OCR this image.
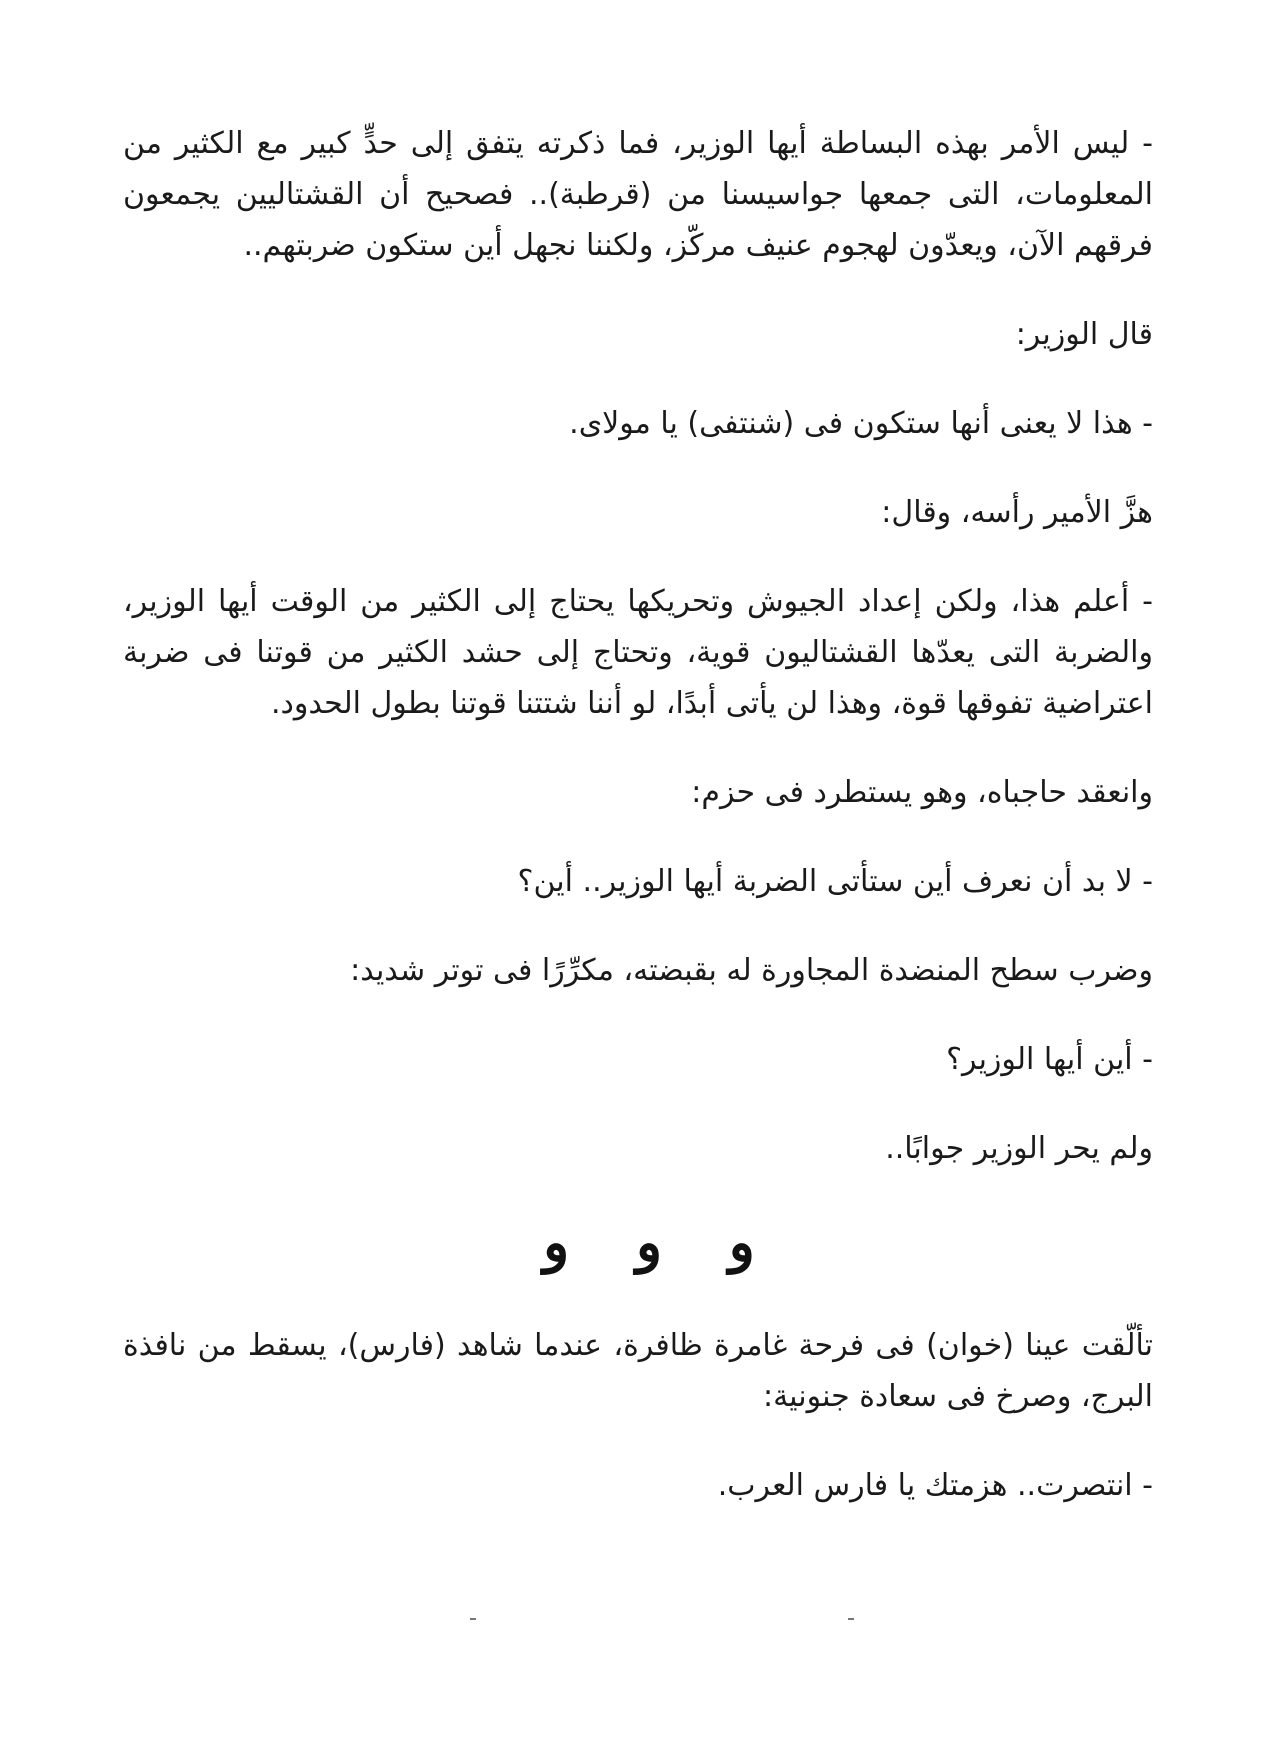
- ليس الأمر بهذه البساطة أيها الوزير، فما ذكرته يتفق إلى حدٍّ كبير مع الكثير من المعلومات، التى جمعها جواسيسنا من (قرطبة).. فصحيح أن القشتاليين يجمعون فرقهم الآن، ويعدّون لهجوم عنيف مركّز، ولكننا نجهل أين ستكون ضربتهم..

قال الوزير:

- هذا لا يعنى أنها ستكون فى (شنتفى) يا مولاى.

هزَّ الأمير رأسه، وقال:

- أعلم هذا، ولكن إعداد الجيوش وتحريكها يحتاج إلى الكثير من الوقت أيها الوزير، والضربة التى يعدّها القشتاليون قوية، وتحتاج إلى حشد الكثير من قوتنا فى ضربة اعتراضية تفوقها قوة، وهذا لن يأتى أبدًا، لو أننا شتتنا قوتنا بطول الحدود.

وانعقد حاجباه، وهو يستطرد فى حزم:

- لا بد أن نعرف أين ستأتى الضربة أيها الوزير.. أين؟

وضرب سطح المنضدة المجاورة له بقبضته، مكرِّرًا فى توتر شديد:

- أين أيها الوزير؟

ولم يحر الوزير جوابًا..

و و و

تألّقت عينا (خوان) فى فرحة غامرة ظافرة، عندما شاهد (فارس)، يسقط من نافذة البرج، وصرخ فى سعادة جنونية:

- انتصرت.. هزمتك يا فارس العرب.
